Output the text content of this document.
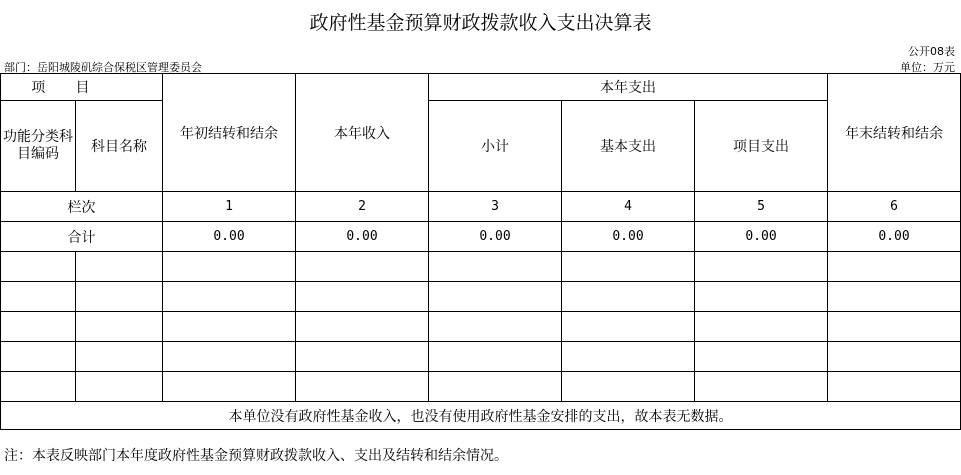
政府性基金预算财政拨款收入支出决算表
公开08表
部门：岳阳城陵矶综合保税区管理委员会	单位：万元
项	目	年初结转和结余	本年收入	本年支出			年末结转和结余
功能分类科目编码	科目名称			小计	基本支出	项目支出	
栏次		1	2	3	4	5	6
合计		0.00	0.00	0.00	0.00	0.00	0.00

本单位没有政府性基金收入，也没有使用政府性基金安排的支出，故本表无数据。							
注：本表反映部门本年度政府性基金预算财政拨款收入、支出及结转和结余情况。
